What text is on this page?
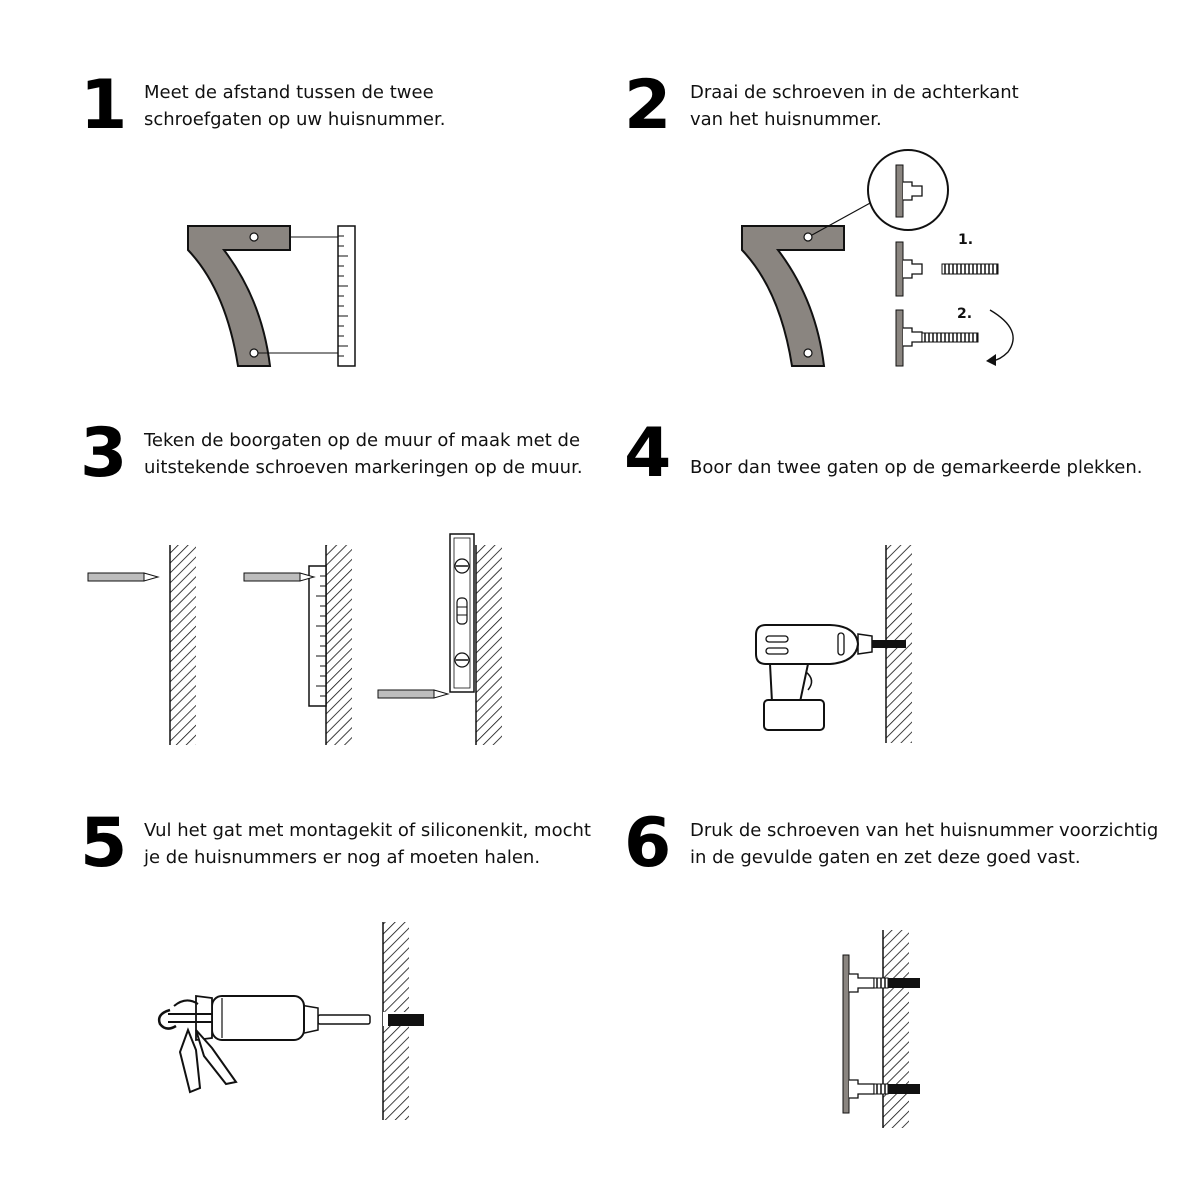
1 Meet de afstand tussen de twee
schroefgaten op uw huisnummer.	2 Draai de schroeven in de achterkant
van het huisnummer.
3 Teken de boorgaten op de muur of maak met de
uitstekende schroeven markeringen op de muur. 4 Boor dan twee gaten op de gemarkeerde plekken.
5 Vul het gat met montagekit of siliconenkit, mocht
je de huisnummers er nog af moeten halen.	6 Druk de schroeven van het huisnummer voorzichtig
in de gevulde gaten en zet deze goed vast.
1.
2.
